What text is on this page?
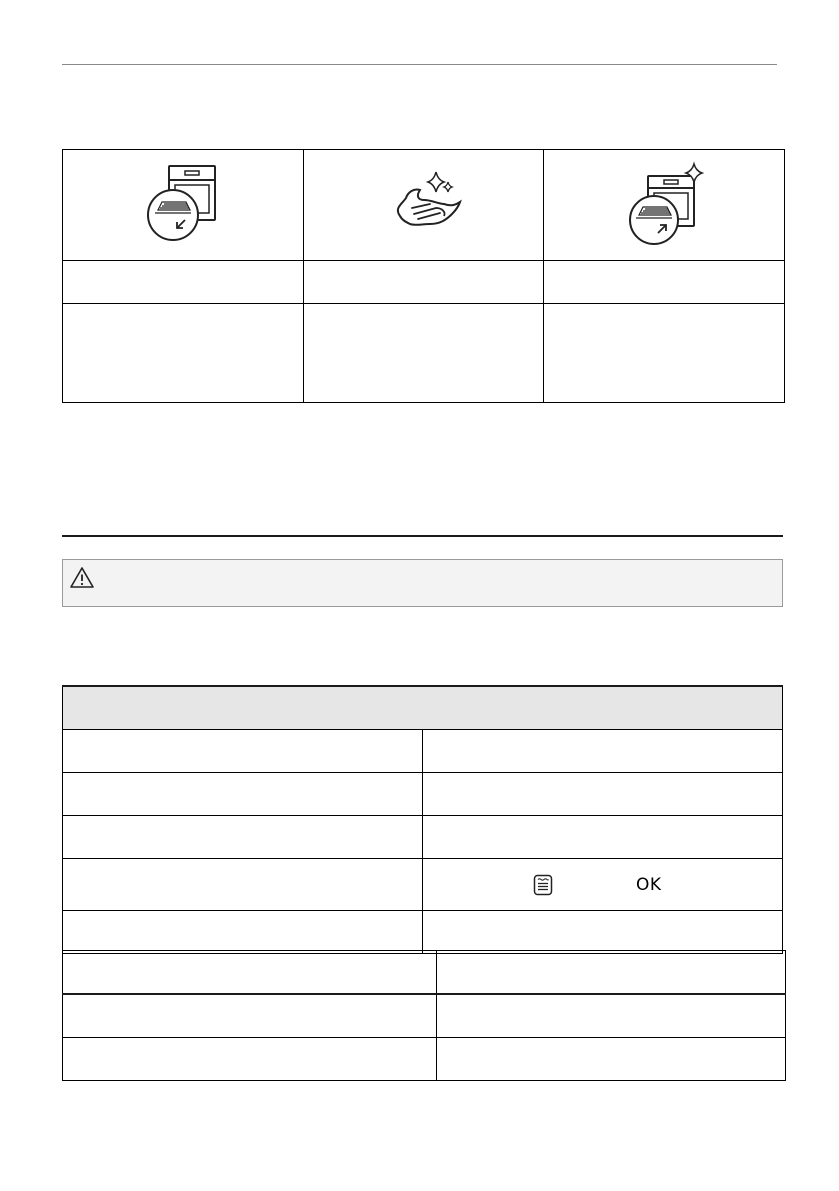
	OK
